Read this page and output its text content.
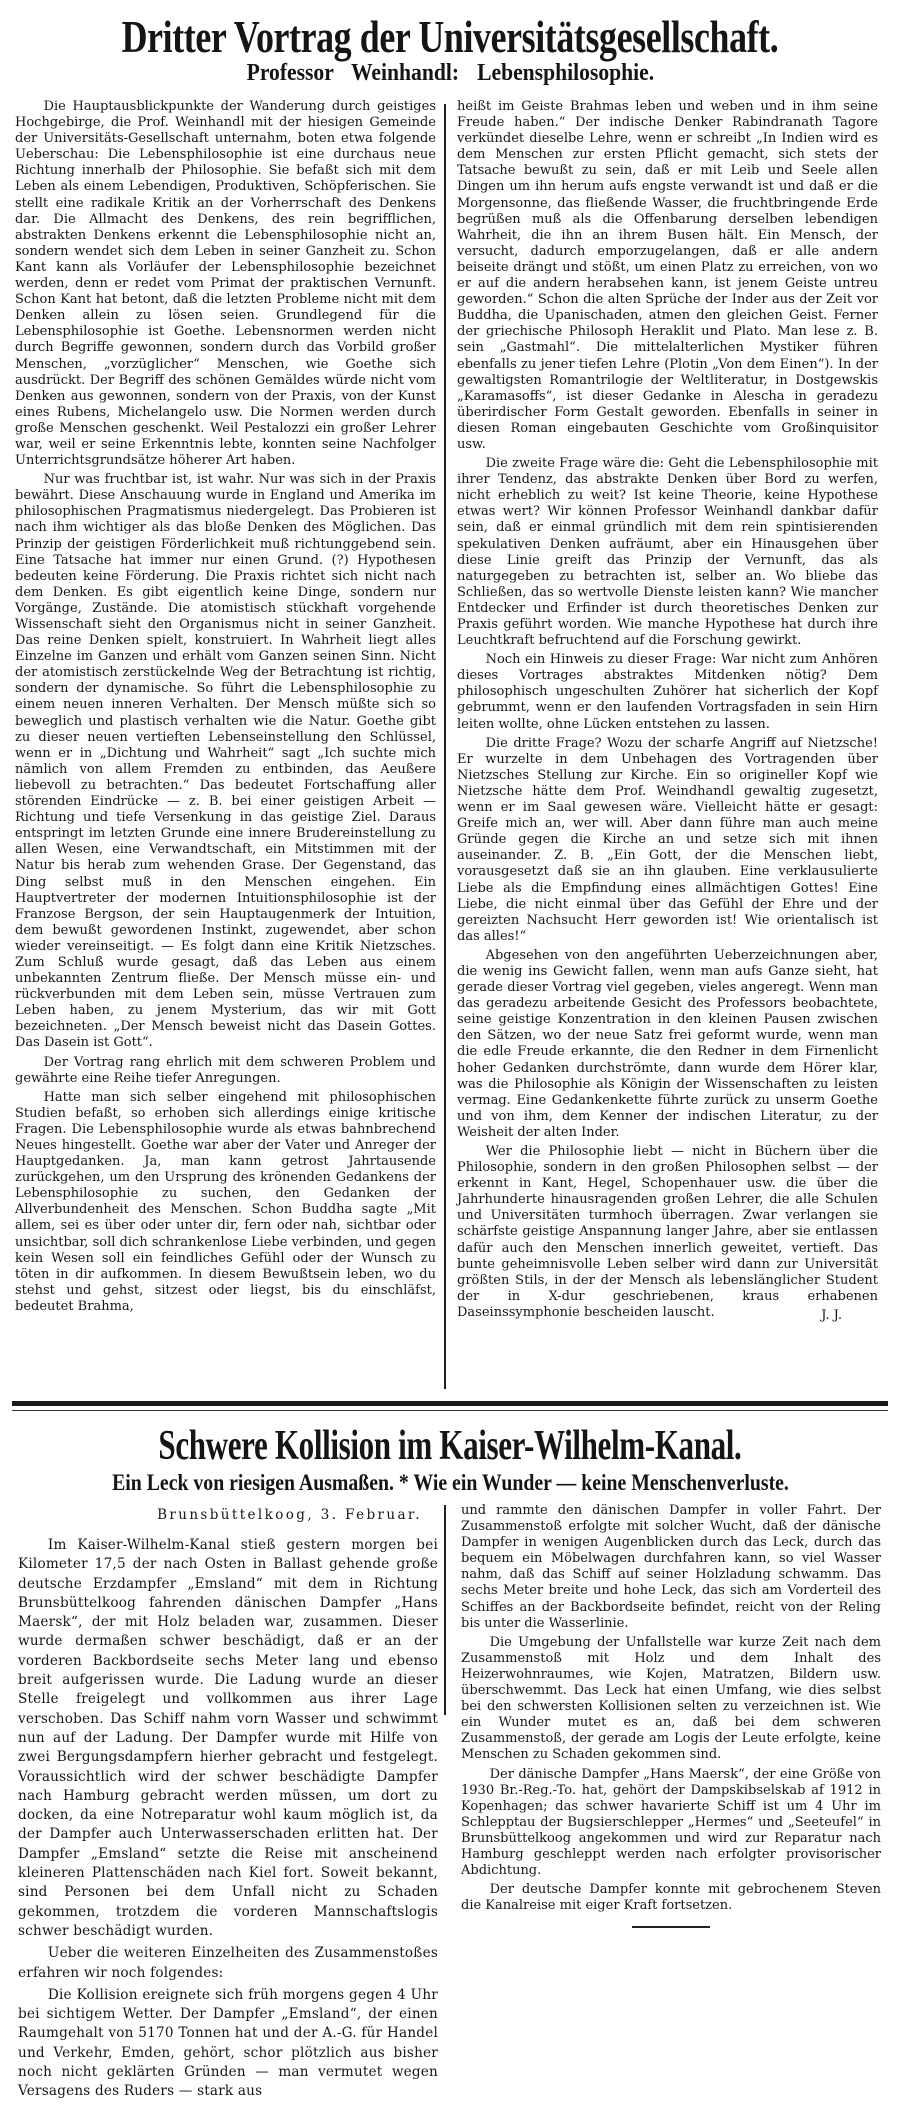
Dritter Vortrag der Universitätsgesellschaft.
Professor Weinhandl: Lebensphilosophie.

Die Hauptausblickpunkte der Wanderung durch geistiges Hochgebirge, die Prof. Weinhandl mit der hiesigen Gemeinde der Universitäts-Gesellschaft unternahm, boten etwa folgende Ueberschau: Die Lebensphilosophie ist eine durchaus neue Richtung innerhalb der Philosophie. Sie befaßt sich mit dem Leben als einem Lebendigen, Produktiven, Schöpferischen. Sie stellt eine radikale Kritik an der Vorherrschaft des Denkens dar. Die Allmacht des Denkens, des rein begrifflichen, abstrakten Denkens erkennt die Lebensphilosophie nicht an, sondern wendet sich dem Leben in seiner Ganzheit zu. Schon Kant kann als Vorläufer der Lebensphilosophie bezeichnet werden, denn er redet vom Primat der praktischen Vernunft. Schon Kant hat betont, daß die letzten Probleme nicht mit dem Denken allein zu lösen seien. Grundlegend für die Lebensphilosophie ist Goethe. Lebensnormen werden nicht durch Begriffe gewonnen, sondern durch das Vorbild großer Menschen, „vorzüglicher“ Menschen, wie Goethe sich ausdrückt. Der Begriff des schönen Gemäldes würde nicht vom Denken aus gewonnen, sondern von der Praxis, von der Kunst eines Rubens, Michelangelo usw. Die Normen werden durch große Menschen geschenkt. Weil Pestalozzi ein großer Lehrer war, weil er seine Erkenntnis lebte, konnten seine Nachfolger Unterrichtsgrundsätze höherer Art haben.

Nur was fruchtbar ist, ist wahr. Nur was sich in der Praxis bewährt. Diese Anschauung wurde in England und Amerika im philosophischen Pragmatismus niedergelegt. Das Probieren ist nach ihm wichtiger als das bloße Denken des Möglichen. Das Prinzip der geistigen Förderlichkeit muß richtunggebend sein. Eine Tatsache hat immer nur einen Grund. (?) Hypothesen bedeuten keine Förderung. Die Praxis richtet sich nicht nach dem Denken. Es gibt eigentlich keine Dinge, sondern nur Vorgänge, Zustände. Die atomistisch stückhaft vorgehende Wissenschaft sieht den Organismus nicht in seiner Ganzheit. Das reine Denken spielt, konstruiert. In Wahrheit liegt alles Einzelne im Ganzen und erhält vom Ganzen seinen Sinn. Nicht der atomistisch zerstückelnde Weg der Betrachtung ist richtig, sondern der dynamische. So führt die Lebensphilosophie zu einem neuen inneren Verhalten. Der Mensch müßte sich so beweglich und plastisch verhalten wie die Natur. Goethe gibt zu dieser neuen vertieften Lebenseinstellung den Schlüssel, wenn er in „Dichtung und Wahrheit“ sagt „Ich suchte mich nämlich von allem Fremden zu entbinden, das Aeußere liebevoll zu betrachten.“ Das bedeutet Fortschaffung aller störenden Eindrücke — z. B. bei einer geistigen Arbeit — Richtung und tiefe Versenkung in das geistige Ziel. Daraus entspringt im letzten Grunde eine innere Brudereinstellung zu allen Wesen, eine Verwandtschaft, ein Mitstimmen mit der Natur bis herab zum wehenden Grase. Der Gegenstand, das Ding selbst muß in den Menschen eingehen. Ein Hauptvertreter der modernen Intuitionsphilosophie ist der Franzose Bergson, der sein Hauptaugenmerk der Intuition, dem bewußt gewordenen Instinkt, zugewendet, aber schon wieder vereinseitigt. — Es folgt dann eine Kritik Nietzsches. Zum Schluß wurde gesagt, daß das Leben aus einem unbekannten Zentrum fließe. Der Mensch müsse ein- und rückverbunden mit dem Leben sein, müsse Vertrauen zum Leben haben, zu jenem Mysterium, das wir mit Gott bezeichneten. „Der Mensch beweist nicht das Dasein Gottes. Das Dasein ist Gott“.

Der Vortrag rang ehrlich mit dem schweren Problem und gewährte eine Reihe tiefer Anregungen.

Hatte man sich selber eingehend mit philosophischen Studien befaßt, so erhoben sich allerdings einige kritische Fragen. Die Lebensphilosophie wurde als etwas bahnbrechend Neues hingestellt. Goethe war aber der Vater und Anreger der Hauptgedanken. Ja, man kann getrost Jahrtausende zurückgehen, um den Ursprung des krönenden Gedankens der Lebensphilosophie zu suchen, den Gedanken der Allverbundenheit des Menschen. Schon Buddha sagte „Mit allem, sei es über oder unter dir, fern oder nah, sichtbar oder unsichtbar, soll dich schrankenlose Liebe verbinden, und gegen kein Wesen soll ein feindliches Gefühl oder der Wunsch zu töten in dir aufkommen. In diesem Bewußtsein leben, wo du stehst und gehst, sitzest oder liegst, bis du einschläfst, bedeutet Brahma,

heißt im Geiste Brahmas leben und weben und in ihm seine Freude haben.“ Der indische Denker Rabindranath Tagore verkündet dieselbe Lehre, wenn er schreibt „In Indien wird es dem Menschen zur ersten Pflicht gemacht, sich stets der Tatsache bewußt zu sein, daß er mit Leib und Seele allen Dingen um ihn herum aufs engste verwandt ist und daß er die Morgensonne, das fließende Wasser, die fruchtbringende Erde begrüßen muß als die Offenbarung derselben lebendigen Wahrheit, die ihn an ihrem Busen hält. Ein Mensch, der versucht, dadurch emporzugelangen, daß er alle andern beiseite drängt und stößt, um einen Platz zu erreichen, von wo er auf die andern herabsehen kann, ist jenem Geiste untreu geworden.“ Schon die alten Sprüche der Inder aus der Zeit vor Buddha, die Upanischaden, atmen den gleichen Geist. Ferner der griechische Philosoph Heraklit und Plato. Man lese z. B. sein „Gastmahl“. Die mittelalterlichen Mystiker führen ebenfalls zu jener tiefen Lehre (Plotin „Von dem Einen“). In der gewaltigsten Romantrilogie der Weltliteratur, in Dostgewskis „Karamasoffs“, ist dieser Gedanke in Alescha in geradezu überirdischer Form Gestalt geworden. Ebenfalls in seiner in diesen Roman eingebauten Geschichte vom Großinquisitor usw.

Die zweite Frage wäre die: Geht die Lebensphilosophie mit ihrer Tendenz, das abstrakte Denken über Bord zu werfen, nicht erheblich zu weit? Ist keine Theorie, keine Hypothese etwas wert? Wir können Professor Weinhandl dankbar dafür sein, daß er einmal gründlich mit dem rein spintisierenden spekulativen Denken aufräumt, aber ein Hinausgehen über diese Linie greift das Prinzip der Vernunft, das als naturgegeben zu betrachten ist, selber an. Wo bliebe das Schließen, das so wertvolle Dienste leisten kann? Wie mancher Entdecker und Erfinder ist durch theoretisches Denken zur Praxis geführt worden. Wie manche Hypothese hat durch ihre Leuchtkraft befruchtend auf die Forschung gewirkt.

Noch ein Hinweis zu dieser Frage: War nicht zum Anhören dieses Vortrages abstraktes Mitdenken nötig? Dem philosophisch ungeschulten Zuhörer hat sicherlich der Kopf gebrummt, wenn er den laufenden Vortragsfaden in sein Hirn leiten wollte, ohne Lücken entstehen zu lassen.

Die dritte Frage? Wozu der scharfe Angriff auf Nietzsche! Er wurzelte in dem Unbehagen des Vortragenden über Nietzsches Stellung zur Kirche. Ein so origineller Kopf wie Nietzsche hätte dem Prof. Weindhandl gewaltig zugesetzt, wenn er im Saal gewesen wäre. Vielleicht hätte er gesagt: Greife mich an, wer will. Aber dann führe man auch meine Gründe gegen die Kirche an und setze sich mit ihnen auseinander. Z. B. „Ein Gott, der die Menschen liebt, vorausgesetzt daß sie an ihn glauben. Eine verklausulierte Liebe als die Empfindung eines allmächtigen Gottes! Eine Liebe, die nicht einmal über das Gefühl der Ehre und der gereizten Nachsucht Herr geworden ist! Wie orientalisch ist das alles!“

Abgesehen von den angeführten Ueberzeichnungen aber, die wenig ins Gewicht fallen, wenn man aufs Ganze sieht, hat gerade dieser Vortrag viel gegeben, vieles angeregt. Wenn man das geradezu arbeitende Gesicht des Professors beobachtete, seine geistige Konzentration in den kleinen Pausen zwischen den Sätzen, wo der neue Satz frei geformt wurde, wenn man die edle Freude erkannte, die den Redner in dem Firnenlicht hoher Gedanken durchströmte, dann wurde dem Hörer klar, was die Philosophie als Königin der Wissenschaften zu leisten vermag. Eine Gedankenkette führte zurück zu unserm Goethe und von ihm, dem Kenner der indischen Literatur, zu der Weisheit der alten Inder.

Wer die Philosophie liebt — nicht in Büchern über die Philosophie, sondern in den großen Philosophen selbst — der erkennt in Kant, Hegel, Schopenhauer usw. die über die Jahrhunderte hinausragenden großen Lehrer, die alle Schulen und Universitäten turmhoch überragen. Zwar verlangen sie schärfste geistige Anspannung langer Jahre, aber sie entlassen dafür auch den Menschen innerlich geweitet, vertieft. Das bunte geheimnisvolle Leben selber wird dann zur Universität größten Stils, in der der Mensch als lebenslänglicher Student der in X-dur geschriebenen, kraus erhabenen Daseinssymphonie bescheiden lauscht.	J. J.
Schwere Kollision im Kaiser-Wilhelm-Kanal.
Ein Leck von riesigen Ausmaßen. * Wie ein Wunder — keine Menschenverluste.
Brunsbüttelkoog, 3. Februar.

Im Kaiser-Wilhelm-Kanal stieß gestern morgen bei Kilometer 17,5 der nach Osten in Ballast gehende große deutsche Erzdampfer „Emsland“ mit dem in Richtung Brunsbüttelkoog fahrenden dänischen Dampfer „Hans Maersk“, der mit Holz beladen war, zusammen. Dieser wurde dermaßen schwer beschädigt, daß er an der vorderen Backbordseite sechs Meter lang und ebenso breit aufgerissen wurde. Die Ladung wurde an dieser Stelle freigelegt und vollkommen aus ihrer Lage verschoben. Das Schiff nahm vorn Wasser und schwimmt nun auf der Ladung. Der Dampfer wurde mit Hilfe von zwei Bergungsdampfern hierher gebracht und festgelegt. Voraussichtlich wird der schwer beschädigte Dampfer nach Hamburg gebracht werden müssen, um dort zu docken, da eine Notreparatur wohl kaum möglich ist, da der Dampfer auch Unterwasserschaden erlitten hat. Der Dampfer „Emsland“ setzte die Reise mit anscheinend kleineren Plattenschäden nach Kiel fort. Soweit bekannt, sind Personen bei dem Unfall nicht zu Schaden gekommen, trotzdem die vorderen Mannschaftslogis schwer beschädigt wurden.

Ueber die weiteren Einzelheiten des Zusammenstoßes erfahren wir noch folgendes:

Die Kollision ereignete sich früh morgens gegen 4 Uhr bei sichtigem Wetter. Der Dampfer „Emsland“, der einen Raumgehalt von 5170 Tonnen hat und der A.-G. für Handel und Verkehr, Emden, gehört, schor plötzlich aus bisher noch nicht geklärten Gründen — man vermutet wegen Versagens des Ruders — stark aus

und rammte den dänischen Dampfer in voller Fahrt. Der Zusammenstoß erfolgte mit solcher Wucht, daß der dänische Dampfer in wenigen Augenblicken durch das Leck, durch das bequem ein Möbelwagen durchfahren kann, so viel Wasser nahm, daß das Schiff auf seiner Holzladung schwamm. Das sechs Meter breite und hohe Leck, das sich am Vorderteil des Schiffes an der Backbordseite befindet, reicht von der Reling bis unter die Wasserlinie.

Die Umgebung der Unfallstelle war kurze Zeit nach dem Zusammenstoß mit Holz und dem Inhalt des Heizerwohnraumes, wie Kojen, Matratzen, Bildern usw. überschwemmt. Das Leck hat einen Umfang, wie dies selbst bei den schwersten Kollisionen selten zu verzeichnen ist. Wie ein Wunder mutet es an, daß bei dem schweren Zusammenstoß, der gerade am Logis der Leute erfolgte, keine Menschen zu Schaden gekommen sind.

Der dänische Dampfer „Hans Maersk“, der eine Größe von 1930 Br.-Reg.-To. hat, gehört der Dampskibselskab af 1912 in Kopenhagen; das schwer havarierte Schiff ist um 4 Uhr im Schlepptau der Bugsierschlepper „Hermes“ und „Seeteufel“ in Brunsbüttelkoog angekommen und wird zur Reparatur nach Hamburg geschleppt werden nach erfolgter provisorischer Abdichtung.

Der deutsche Dampfer konnte mit gebrochenem Steven die Kanalreise mit eiger Kraft fortsetzen.
